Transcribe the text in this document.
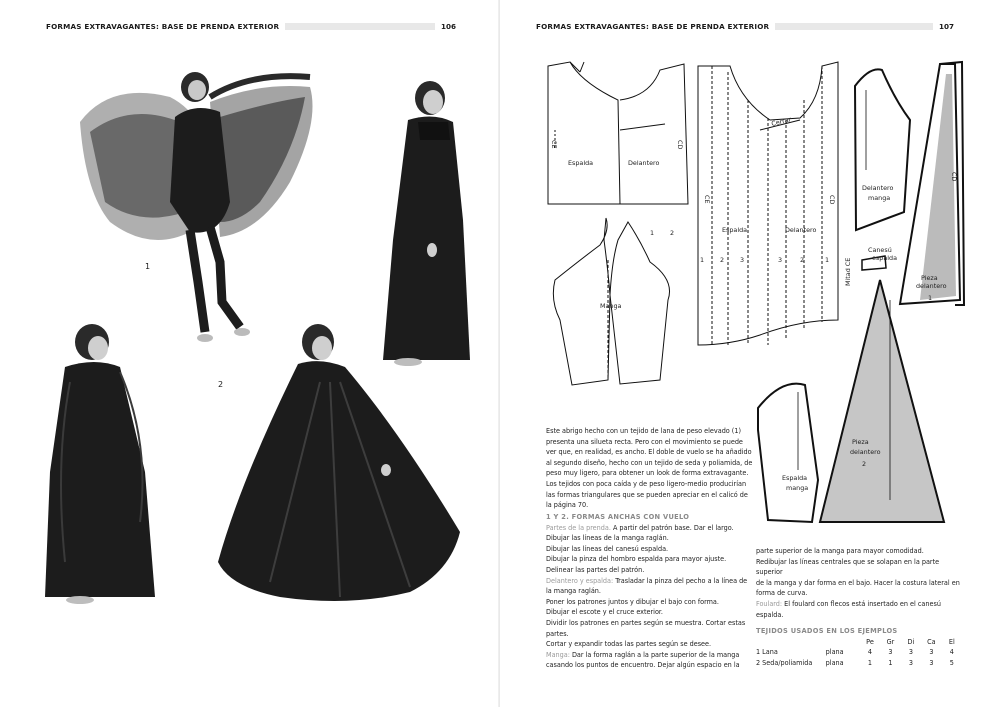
FORMAS EXTRAVAGANTES: BASE DE PRENDA EXTERIOR	106
1
2
FORMAS EXTRAVAGANTES: BASE DE PRENDA EXTERIOR	107
CE	CD
Espalda	Delantero
Manga
1 2
CE	CD
Espalda	Delantero
Cerrar
1 2 3	3	2	1
Delantero
manga
CD
Pieza
delantero
1
Canesú
espalda
Mitad CE
Espalda
manga
Pieza
delantero
2

Este abrigo hecho con un tejido de lana de peso elevado (1)

presenta una silueta recta. Pero con el movimiento se puede

ver que, en realidad, es ancho. El doble de vuelo se ha añadido

al segundo diseño, hecho con un tejido de seda y poliamida, de

peso muy ligero, para obtener un look de forma extravagante.

Los tejidos con poca caída y de peso ligero-medio producirían

las formas triangulares que se pueden apreciar en el calicó de

la página 70.

1 Y 2. FORMAS ANCHAS CON VUELO

Partes de la prenda. A partir del patrón base. Dar el largo.

Dibujar las líneas de la manga raglán.

Dibujar las líneas del canesú espalda.

Dibujar la pinza del hombro espalda para mayor ajuste.

Delinear las partes del patrón.

Delantero y espalda: Trasladar la pinza del pecho a la línea de

la manga raglán.

Poner los patrones juntos y dibujar el bajo con forma.

Dibujar el escote y el cruce exterior.

Dividir los patrones en partes según se muestra. Cortar estas

partes.

Cortar y expandir todas las partes según se desee.

Manga: Dar la forma raglán a la parte superior de la manga

casando los puntos de encuentro. Dejar algún espacio en la

parte superior de la manga para mayor comodidad.

Redibujar las líneas centrales que se solapan en la parte superior

de la manga y dar forma en el bajo. Hacer la costura lateral en

forma de curva.

Foulard: El foulard con flecos está insertado en el canesú

espalda.

TEJIDOS USADOS EN LOS EJEMPLOS

		Pe	Gr	Di	Ca	El
1 Lana	plana	4	3	3	3	4
2 Seda/poliamida	plana	1	1	3	3	5
